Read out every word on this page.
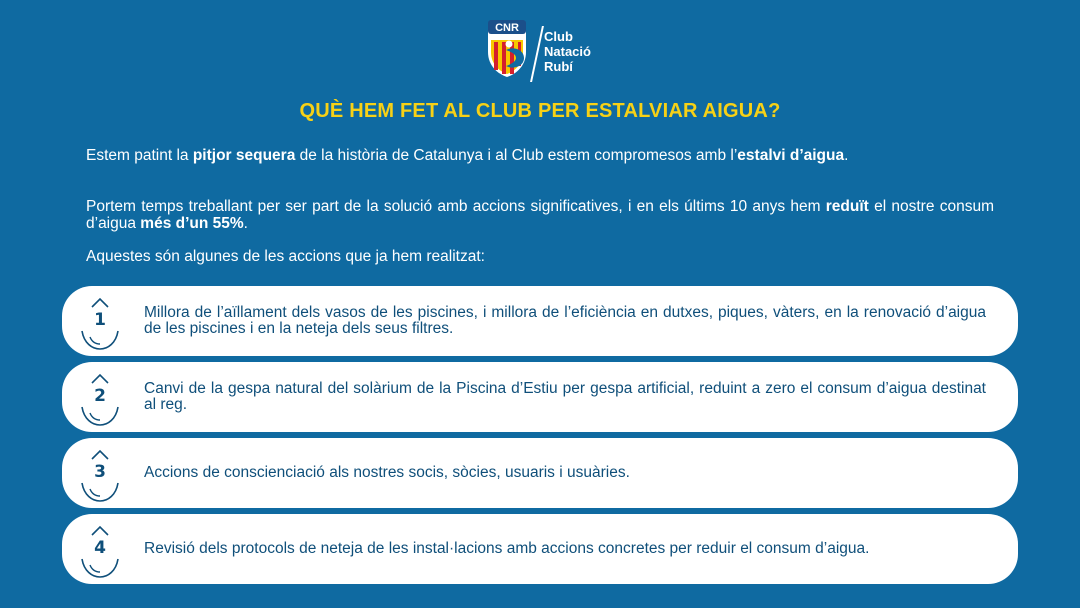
CNR
Club
Natació
Rubí
QUÈ HEM FET AL CLUB PER ESTALVIAR AIGUA?

Estem patint la pitjor sequera de la història de Catalunya i al Club estem compromesos amb l’estalvi d’aigua.

Portem temps treballant per ser part de la solució amb accions significatives, i en els últims 10 anys hem reduït el nostre consum d’aigua més d’un 55%.

Aquestes són algunes de les accions que ja hem realitzat:

1	Millora de l’aïllament dels vasos de les piscines, i millora de l’eficiència en dutxes, piques, vàters, en la renovació d’aigua de les piscines i en la neteja dels seus filtres.
2	Canvi de la gespa natural del solàrium de la Piscina d’Estiu per gespa artificial, reduint a zero el consum d’aigua destinat al reg.
3	Accions de conscienciació als nostres socis, sòcies, usuaris i usuàries.
4	Revisió dels protocols de neteja de les instal·lacions amb accions concretes per reduir el consum d’aigua.
